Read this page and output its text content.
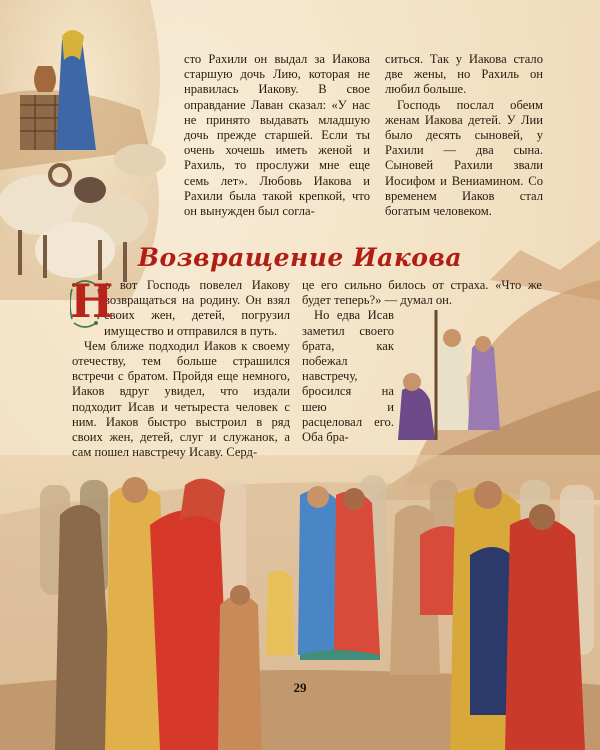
сто Рахили он выдал за Иакова старшую дочь Лию, которая не нравилась Иакову. В свое оправдание Лаван сказал: «У нас не принято выдавать младшую дочь прежде старшей. Если ты очень хочешь иметь женой и Рахиль, то прослужи мне еще семь лет». Любовь Иакова и Рахили была такой крепкой, что он вынужден был согла-

ситься. Так у Иакова стало две жены, но Рахиль он любил больше.

Господь послал обеим женам Иакова детей. У Лии было десять сыновей, у Рахили — два сына. Сыновей Рахили звали Иосифом и Вениамином. Со временем Иаков стал богатым человеком.

Возвращение Иакова

Н
о вот Господь повелел Иакову возвращаться на родину. Он взял своих жен, детей, погрузил имущество и отправился в путь.

Чем ближе подходил Иаков к своему отечеству, тем больше страшился встречи с братом. Пройдя еще немного, Иаков вдруг увидел, что издали подходит Исав и четыреста человек с ним. Иаков быстро выстроил в ряд своих жен, детей, слуг и служанок, а сам пошел навстречу Исаву. Серд-

це его сильно билось от страха. «Что же будет теперь?» — думал он.

Но едва Исав заметил своего брата, как побежал навстречу, бросился на шею и расцеловал его. Оба бра-

29
